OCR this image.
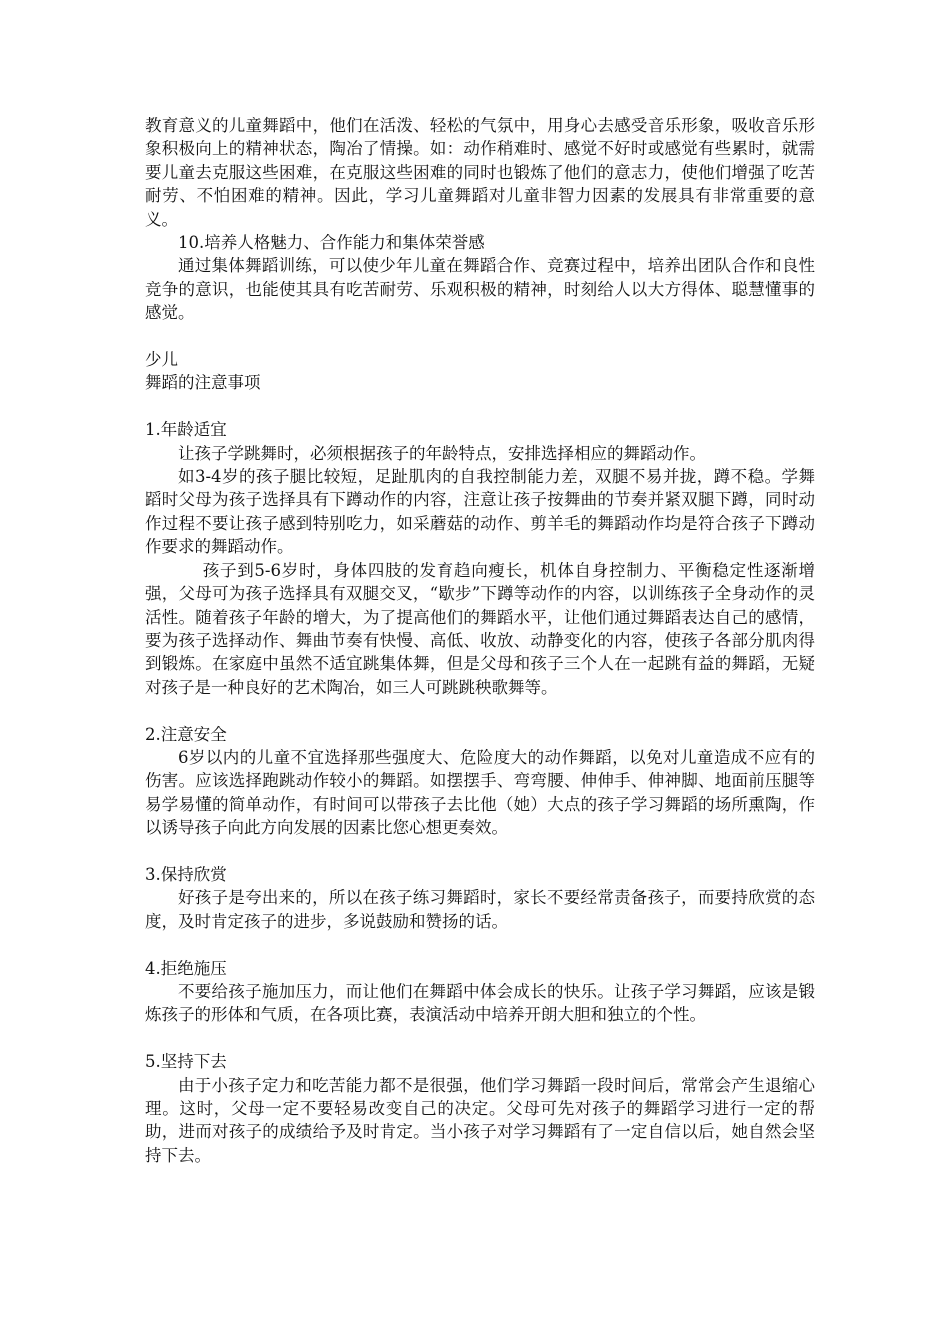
教育意义的儿童舞蹈中，他们在活泼、轻松的气氛中，用身心去感受音乐形象，吸收音乐形象积极向上的精神状态，陶冶了情操。如：动作稍难时、感觉不好时或感觉有些累时，就需要儿童去克服这些困难，在克服这些困难的同时也锻炼了他们的意志力，使他们增强了吃苦耐劳、不怕困难的精神。因此，学习儿童舞蹈对儿童非智力因素的发展具有非常重要的意义。

10.培养人格魅力、合作能力和集体荣誉感

通过集体舞蹈训练，可以使少年儿童在舞蹈合作、竞赛过程中，培养出团队合作和良性竞争的意识，也能使其具有吃苦耐劳、乐观积极的精神，时刻给人以大方得体、聪慧懂事的感觉。

少儿

舞蹈的注意事项

1.年龄适宜

让孩子学跳舞时，必须根据孩子的年龄特点，安排选择相应的舞蹈动作。

如3-4岁的孩子腿比较短，足趾肌肉的自我控制能力差，双腿不易并拢，蹲不稳。学舞蹈时父母为孩子选择具有下蹲动作的内容，注意让孩子按舞曲的节奏并紧双腿下蹲，同时动作过程不要让孩子感到特别吃力，如采蘑菇的动作、剪羊毛的舞蹈动作均是符合孩子下蹲动作要求的舞蹈动作。

孩子到5-6岁时，身体四肢的发育趋向瘦长，机体自身控制力、平衡稳定性逐渐增强，父母可为孩子选择具有双腿交叉，“歇步”下蹲等动作的内容，以训练孩子全身动作的灵活性。随着孩子年龄的增大，为了提高他们的舞蹈水平，让他们通过舞蹈表达自己的感情，要为孩子选择动作、舞曲节奏有快慢、高低、收放、动静变化的内容，使孩子各部分肌肉得到锻炼。在家庭中虽然不适宜跳集体舞，但是父母和孩子三个人在一起跳有益的舞蹈，无疑对孩子是一种良好的艺术陶冶，如三人可跳跳秧歌舞等。

2.注意安全

6岁以内的儿童不宜选择那些强度大、危险度大的动作舞蹈，以免对儿童造成不应有的伤害。应该选择跑跳动作较小的舞蹈。如摆摆手、弯弯腰、伸伸手、伸神脚、地面前压腿等易学易懂的简单动作，有时间可以带孩子去比他（她）大点的孩子学习舞蹈的场所熏陶，作以诱导孩子向此方向发展的因素比您心想更奏效。

3.保持欣赏

好孩子是夸出来的，所以在孩子练习舞蹈时，家长不要经常责备孩子，而要持欣赏的态度，及时肯定孩子的进步，多说鼓励和赞扬的话。

4.拒绝施压

不要给孩子施加压力，而让他们在舞蹈中体会成长的快乐。让孩子学习舞蹈，应该是锻炼孩子的形体和气质，在各项比赛，表演活动中培养开朗大胆和独立的个性。

5.坚持下去

由于小孩子定力和吃苦能力都不是很强，他们学习舞蹈一段时间后，常常会产生退缩心理。这时，父母一定不要轻易改变自己的决定。父母可先对孩子的舞蹈学习进行一定的帮助，进而对孩子的成绩给予及时肯定。当小孩子对学习舞蹈有了一定自信以后，她自然会坚持下去。
